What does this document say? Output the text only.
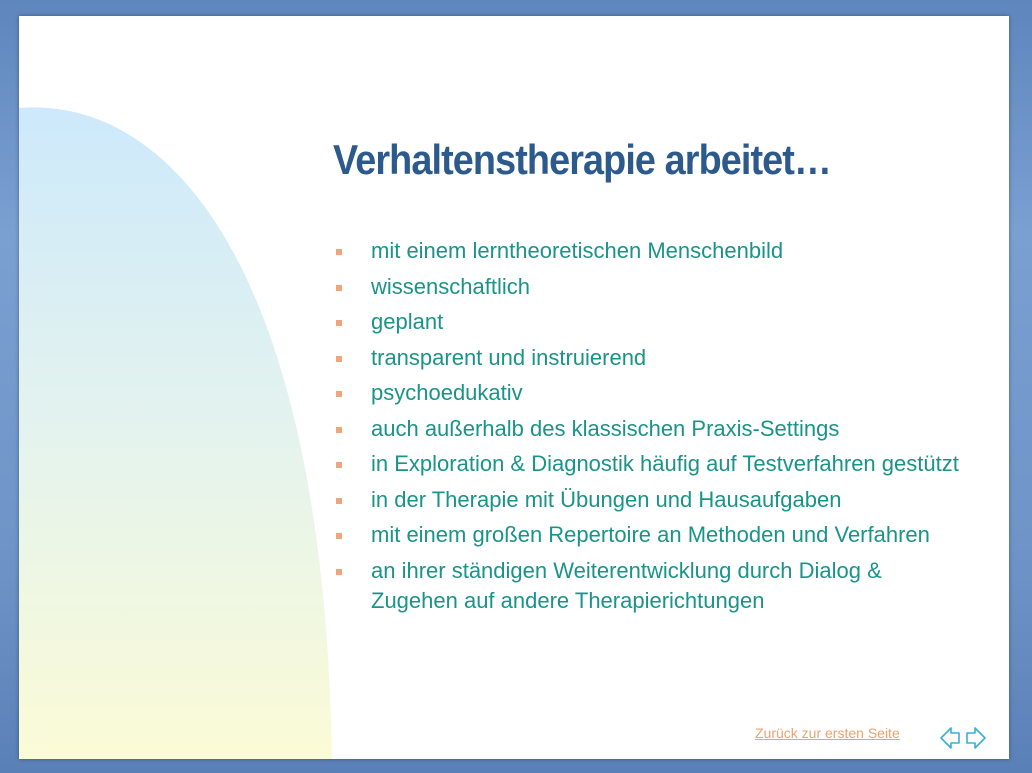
Verhaltenstherapie arbeitet…
mit einem lerntheoretischen Menschenbild
wissenschaftlich
geplant
transparent und instruierend
psychoedukativ
auch außerhalb des klassischen Praxis-Settings
in Exploration & Diagnostik häufig auf Testverfahren gestützt
in der Therapie mit Übungen und Hausaufgaben
mit einem großen Repertoire an Methoden und Verfahren
an ihrer ständigen Weiterentwicklung durch Dialog & Zugehen auf andere Therapierichtungen
Zurück zur ersten Seite
